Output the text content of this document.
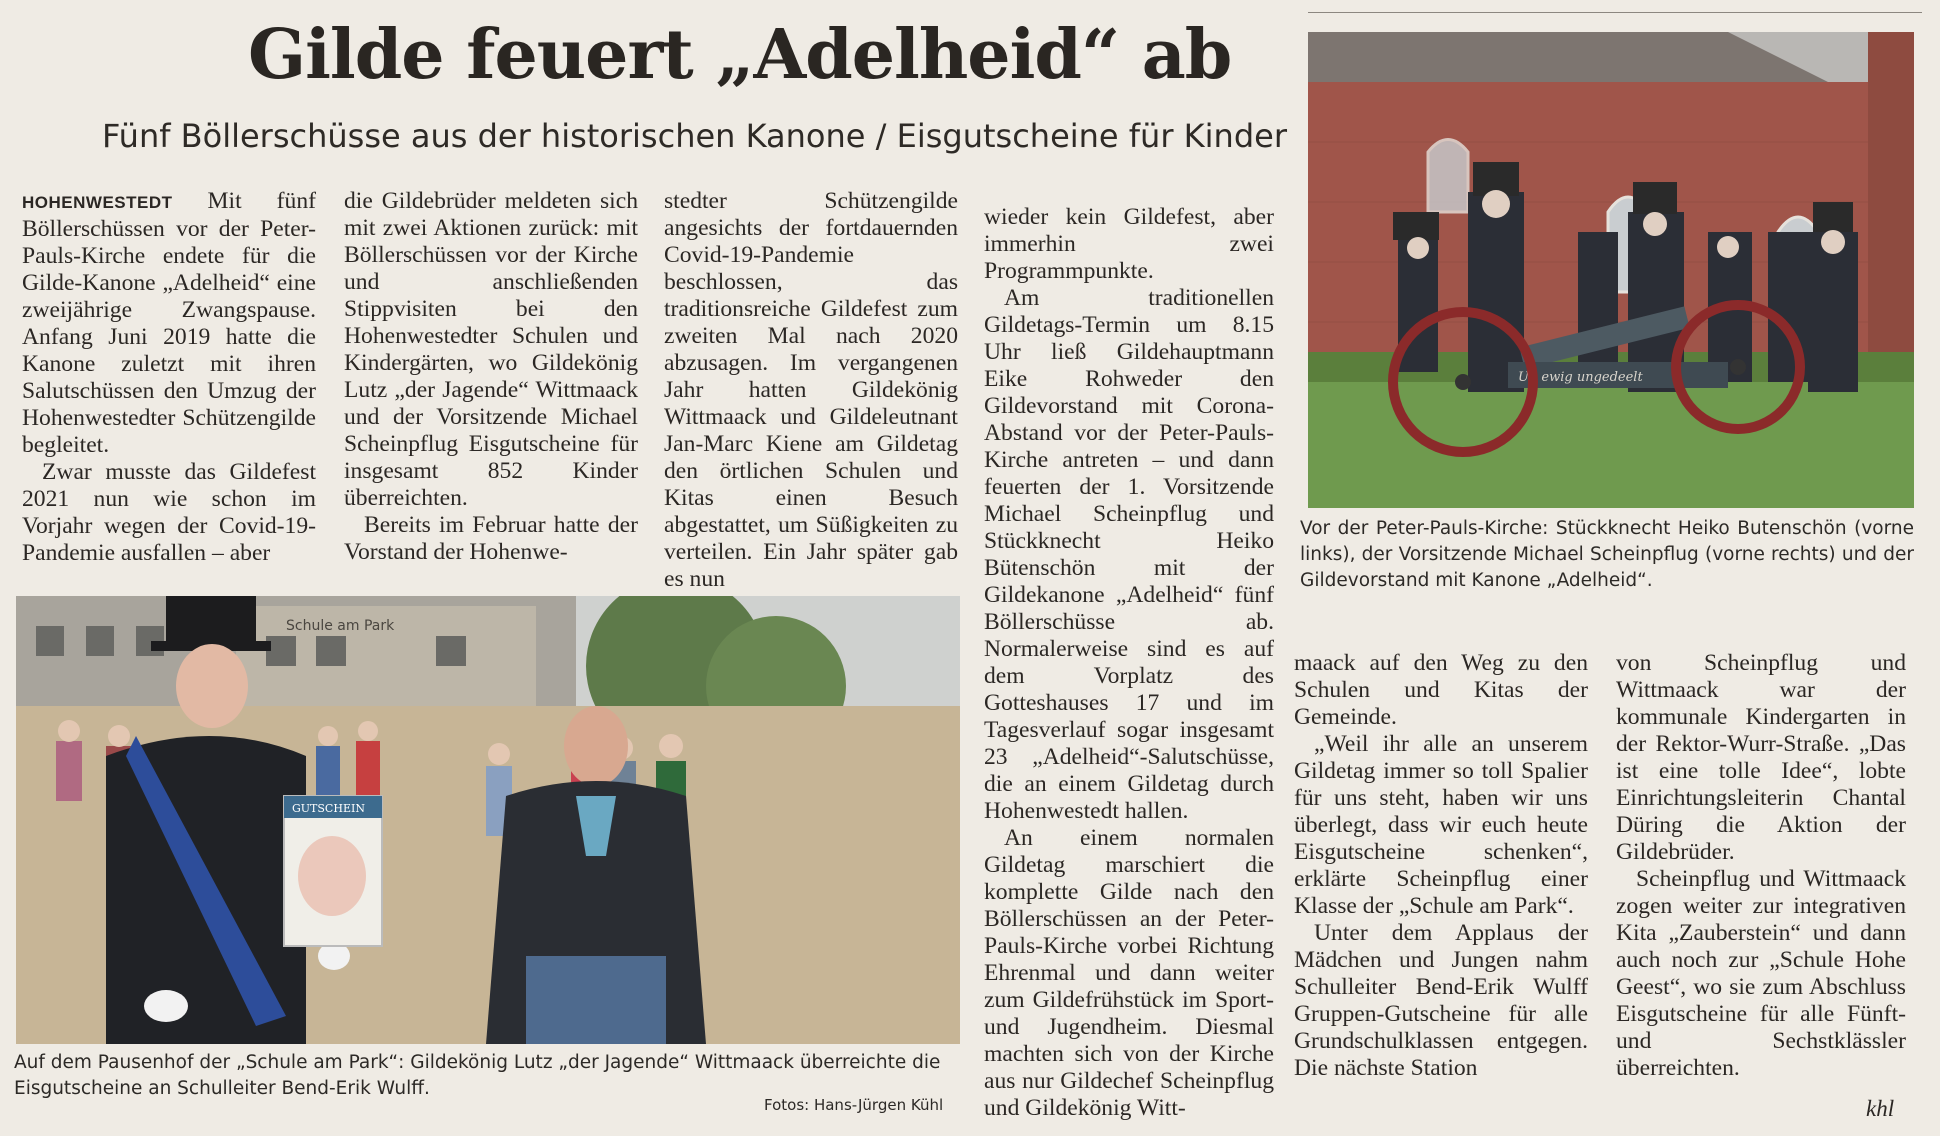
Gilde feuert „Adelheid“ ab
Fünf Böllerschüsse aus der historischen Kanone / Eisgutscheine für Kinder

HOHENWESTEDT Mit fünf Böllerschüssen vor der Peter-Pauls-Kirche endete für die Gilde-Kanone „Adelheid“ eine zweijährige Zwangspause. Anfang Juni 2019 hatte die Kanone zuletzt mit ihren Salutschüssen den Umzug der Hohenwestedter Schützengilde begleitet.

Zwar musste das Gildefest 2021 nun wie schon im Vorjahr wegen der Covid-19-Pandemie ausfallen – aber

die Gildebrüder meldeten sich mit zwei Aktionen zurück: mit Böllerschüssen vor der Kirche und anschließenden Stippvisiten bei den Hohenwestedter Schulen und Kindergärten, wo Gildekönig Lutz „der Jagende“ Wittmaack und der Vorsitzende Michael Scheinpflug Eisgutscheine für insgesamt 852 Kinder überreichten.

Bereits im Februar hatte der Vorstand der Hohenwe-

stedter Schützengilde angesichts der fortdauernden Covid-19-Pandemie beschlossen, das traditionsreiche Gildefest zum zweiten Mal nach 2020 abzusagen. Im vergangenen Jahr hatten Gildekönig Wittmaack und Gildeleutnant Jan-Marc Kiene am Gildetag den örtlichen Schulen und Kitas einen Besuch abgestattet, um Süßigkeiten zu verteilen. Ein Jahr später gab es nun

wieder kein Gildefest, aber immerhin zwei Programmpunkte.

Am traditionellen Gildetags-Termin um 8.15 Uhr ließ Gildehauptmann Eike Rohweder den Gildevorstand mit Corona-Abstand vor der Peter-Pauls-Kirche antreten – und dann feuerten der 1. Vorsitzende Michael Scheinpflug und Stückknecht Heiko Bütenschön mit der Gildekanone „Adelheid“ fünf Böllerschüsse ab. Normalerweise sind es auf dem Vorplatz des Gotteshauses 17 und im Tagesverlauf sogar insgesamt 23 „Adelheid“-Salutschüsse, die an einem Gildetag durch Hohenwestedt hallen.

An einem normalen Gildetag marschiert die komplette Gilde nach den Böllerschüssen an der Peter-Pauls-Kirche vorbei Richtung Ehrenmal und dann weiter zum Gildefrühstück im Sport- und Jugendheim. Diesmal machten sich von der Kirche aus nur Gildechef Scheinpflug und Gildekönig Witt-

maack auf den Weg zu den Schulen und Kitas der Gemeinde.

„Weil ihr alle an unserem Gildetag immer so toll Spalier für uns steht, haben wir uns überlegt, dass wir euch heute Eisgutscheine schenken“, erklärte Scheinpflug einer Klasse der „Schule am Park“.

Unter dem Applaus der Mädchen und Jungen nahm Schulleiter Bend-Erik Wulff Gruppen-Gutscheine für alle Grundschulklassen entgegen. Die nächste Station

von Scheinpflug und Wittmaack war der kommunale Kindergarten in der Rektor-Wurr-Straße. „Das ist eine tolle Idee“, lobte Einrichtungsleiterin Chantal Düring die Aktion der Gildebrüder.

Scheinpflug und Wittmaack zogen weiter zur integrativen Kita „Zauberstein“ und dann auch noch zur „Schule Hohe Geest“, wo sie zum Abschluss Eisgutscheine für alle Fünft- und Sechstklässler überreichten.

khl
Up ewig ungedeelt
Vor der Peter-Pauls-Kirche: Stückknecht Heiko Butenschön (vorne links), der Vorsitzende Michael Scheinpflug (vorne rechts) und der Gildevorstand mit Kanone „Adelheid“.
Schule am Park
GUTSCHEIN
Auf dem Pausenhof der „Schule am Park“: Gildekönig Lutz „der Jagende“ Wittmaack überreichte die Eisgutscheine an Schulleiter Bend-Erik Wulff.
Fotos: Hans-Jürgen Kühl
